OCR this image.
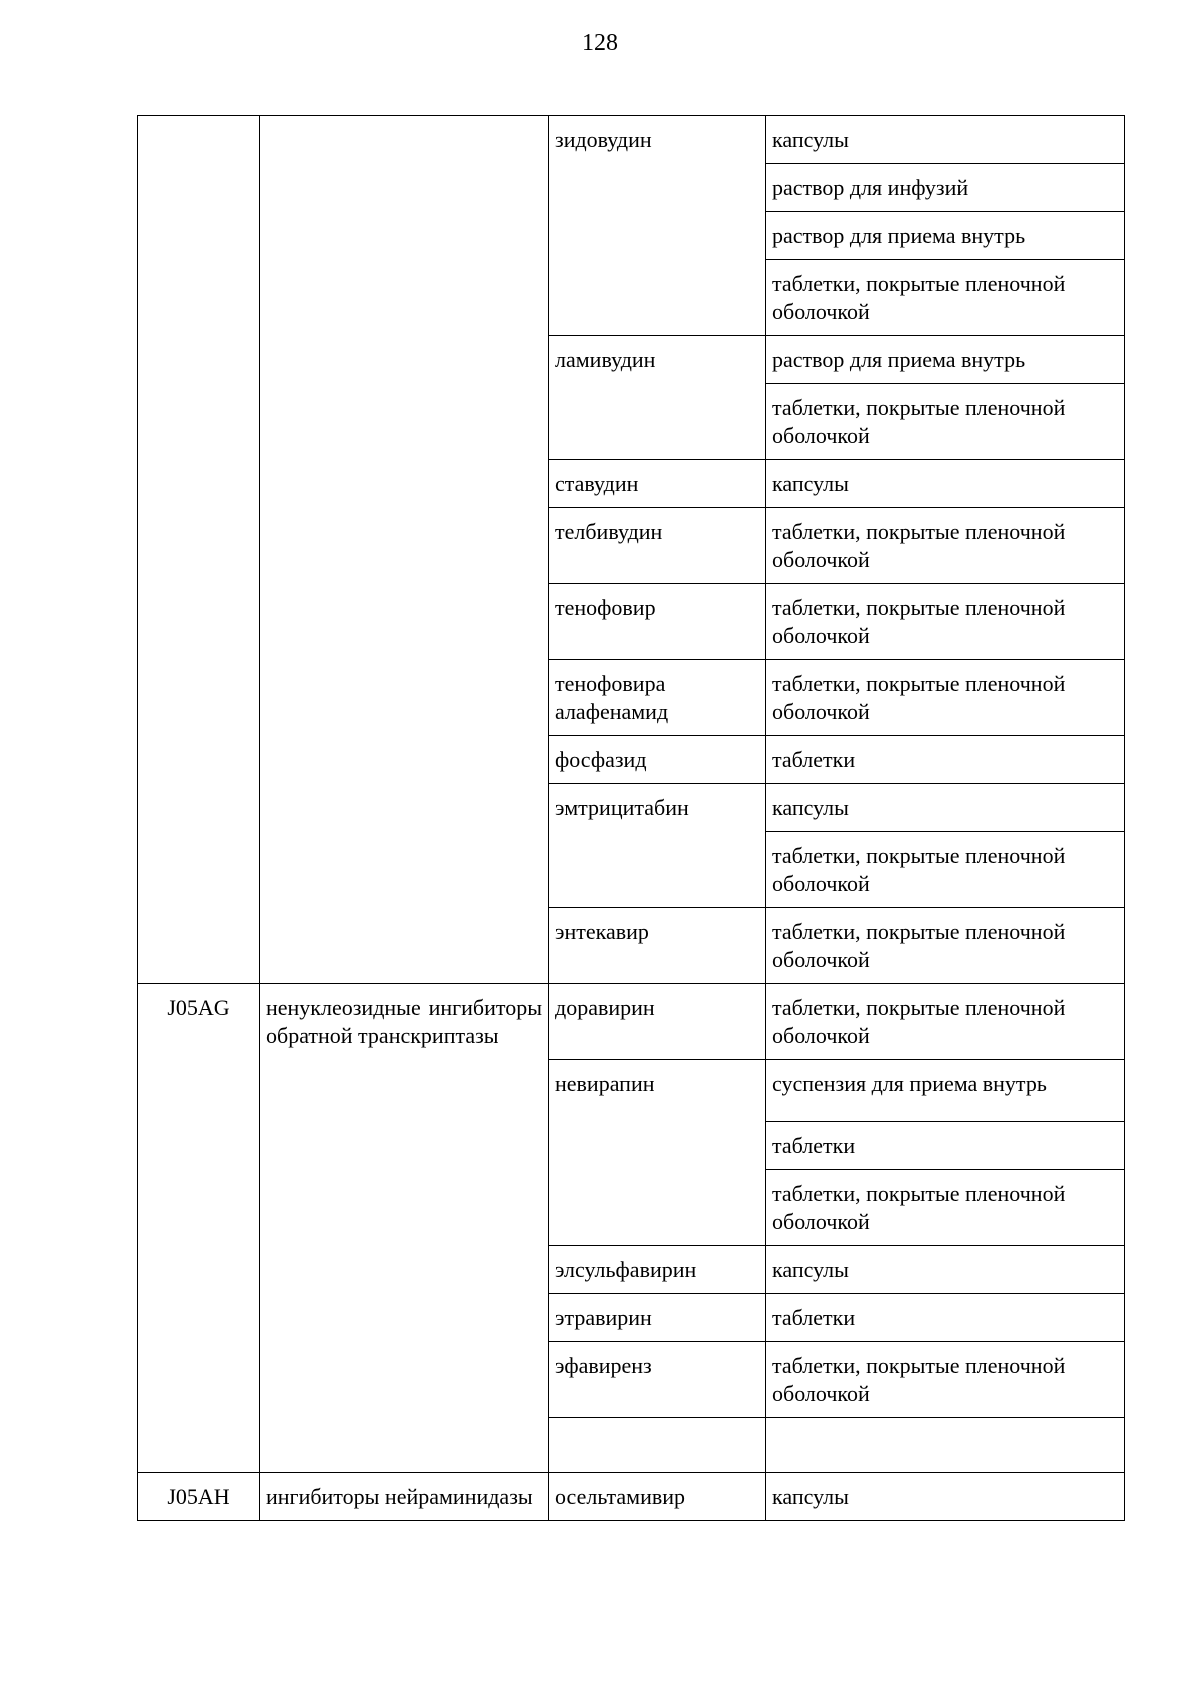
128
		зидовудин	капсулы
			раствор для инфузий
			раствор для приема внутрь
			таблетки, покрытые пленочной оболочкой
		ламивудин	раствор для приема внутрь
			таблетки, покрытые пленочной оболочкой
		ставудин	капсулы
		телбивудин	таблетки, покрытые пленочной оболочкой
		тенофовир	таблетки, покрытые пленочной оболочкой
		тенофовира алафенамид	таблетки, покрытые пленочной оболочкой
		фосфазид	таблетки
		эмтрицитабин	капсулы
			таблетки, покрытые пленочной оболочкой
		энтекавир	таблетки, покрытые пленочной оболочкой
J05AG	ненуклеозидные ингибиторы обратной транскриптазы	доравирин	таблетки, покрытые пленочной оболочкой
		невирапин	суспензия для приема внутрь
			таблетки
			таблетки, покрытые пленочной оболочкой
		элсульфавирин	капсулы
		этравирин	таблетки
		эфавиренз	таблетки, покрытые пленочной оболочкой

J05AH	ингибиторы нейраминидазы	осельтамивир	капсулы
